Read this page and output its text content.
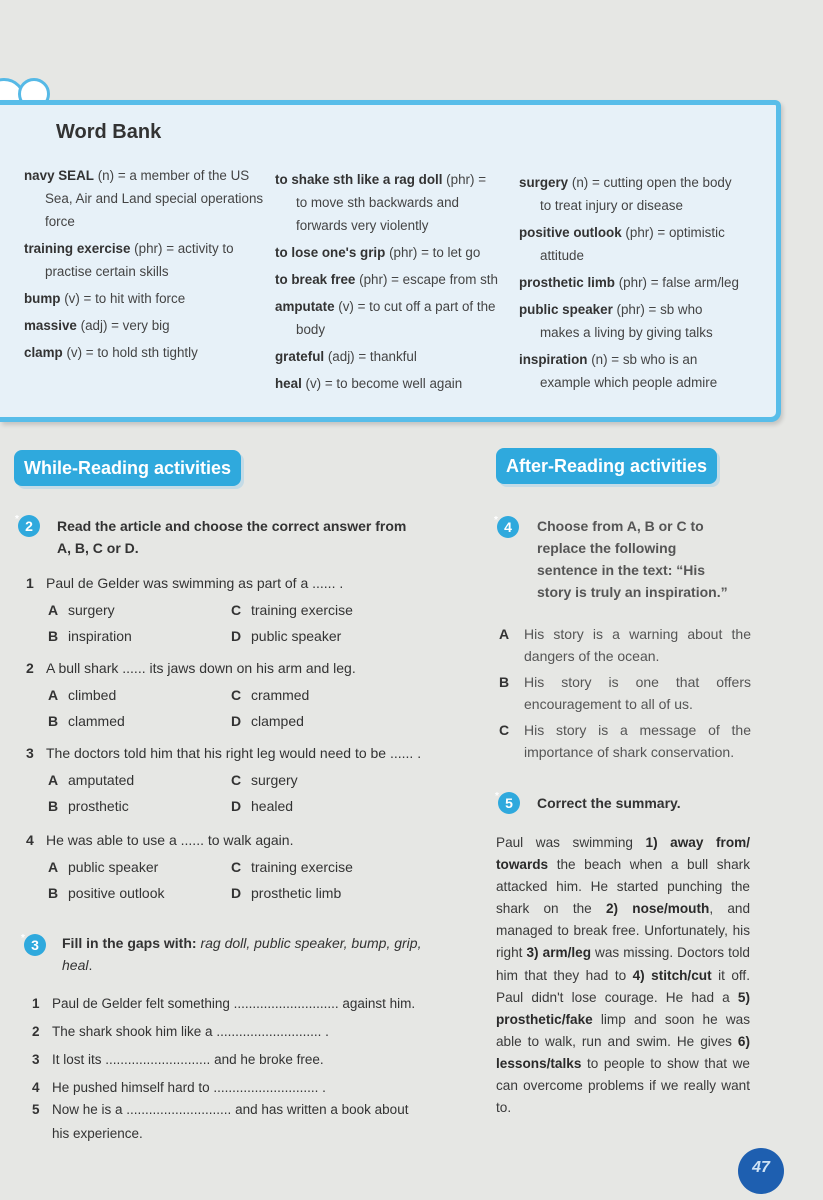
Word Bank
navy SEAL (n) = a member of the US
Sea, Air and Land special operations force
training exercise (phr) = activity to
practise certain skills
bump (v) = to hit with force
massive (adj) = very big
clamp (v) = to hold sth tightly
to shake sth like a rag doll (phr) =
to move sth backwards and forwards very violently
to lose one's grip (phr) = to let go
to break free (phr) = escape from sth
amputate (v) = to cut off a part of the
body
grateful (adj) = thankful
heal (v) = to become well again
surgery (n) = cutting open the body
to treat injury or disease
positive outlook (phr) = optimistic
attitude
prosthetic limb (phr) = false arm/leg
public speaker (phr) = sb who
makes a living by giving talks
inspiration (n) = sb who is an
example which people admire
While-Reading activities
* 2	Read the article and choose the correct answer from
A, B, C or D.
1 Paul de Gelder was swimming as part of a ...... .
A surgery	C training exercise
B inspiration	D public speaker
2 A bull shark ...... its jaws down on his arm and leg.
A climbed	C crammed
B clammed	D clamped
3 The doctors told him that his right leg would need to be ...... .
A amputated	C surgery
B prosthetic	D healed
4 He was able to use a ...... to walk again.
A public speaker	C training exercise
B positive outlook	D prosthetic limb
* 3	Fill in the gaps with: rag doll, public speaker, bump, grip,
heal.
1 Paul de Gelder felt something ............................ against him.
2 The shark shook him like a ............................ .
3 It lost its ............................ and he broke free.
4 He pushed himself hard to ............................ .
5 Now he is a ............................ and has written a book about
his experience.
After-Reading activities
* 4	Choose from A, B or C to
replace the following
sentence in the text: “His
story is truly an inspiration.”
A	His story is a warning about the dangers of the ocean.
B	His story is one that offers encouragement to all of us.
C	His story is a message of the importance of shark conservation.
* 5	Correct the summary.
Paul was swimming 1) away from/ towards the beach when a bull shark attacked him. He started punching the shark on the 2) nose/mouth, and managed to break free. Unfortunately, his right 3) arm/leg was missing. Doctors told him that they had to 4) stitch/cut it off. Paul didn't lose courage. He had a 5) prosthetic/fake limp and soon he was able to walk, run and swim. He gives 6) lessons/talks to people to show that we can overcome problems if we really want to.
47
